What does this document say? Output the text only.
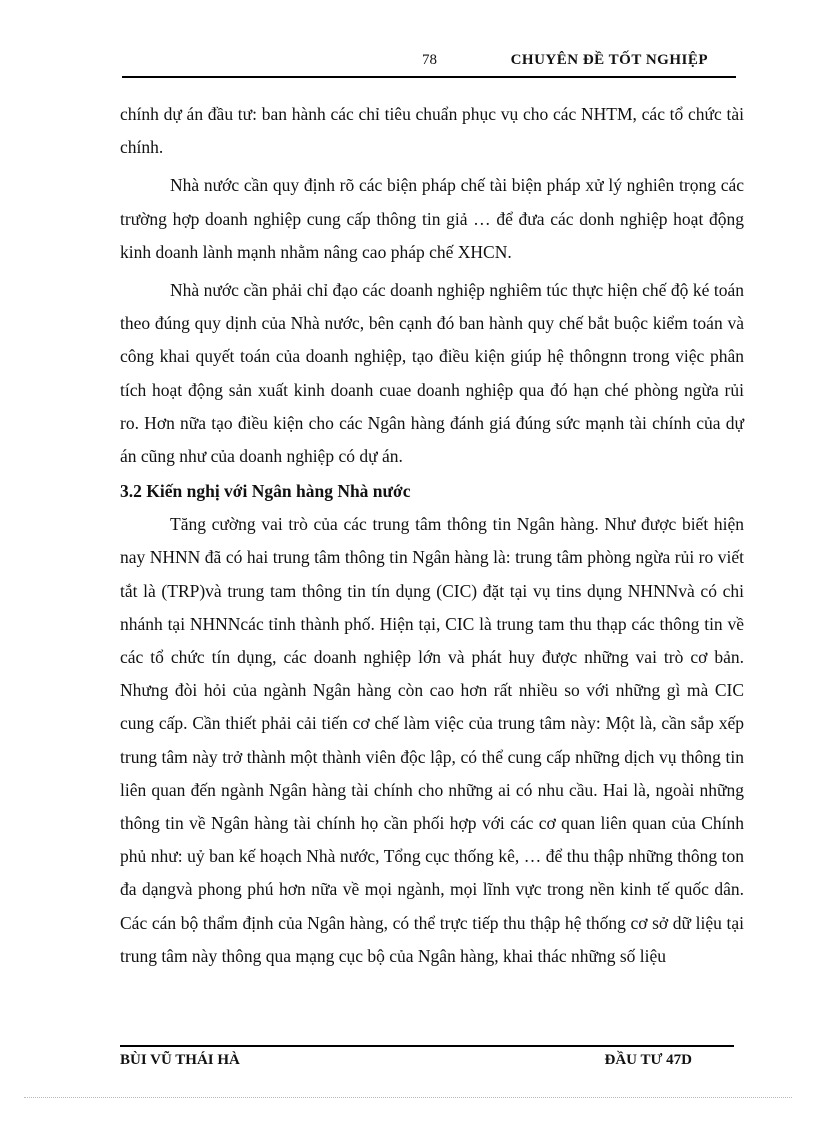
78	CHUYÊN ĐỀ TỐT NGHIỆP

chính dự án đầu tư: ban hành các chỉ tiêu chuẩn phục vụ cho các NHTM, các tổ chức tài chính.

Nhà nước cần quy định rõ các biện pháp chế tài biện pháp xử lý nghiên trọng các trường hợp doanh nghiệp cung cấp thông tin giả … để đưa các donh nghiệp hoạt động kinh doanh lành mạnh nhằm nâng cao pháp chế XHCN.

Nhà nước cần phải chỉ đạo các doanh nghiệp nghiêm túc thực hiện chế độ ké toán theo đúng quy dịnh của Nhà nước, bên cạnh đó ban hành quy chế bắt buộc kiểm toán và công khai quyết toán của doanh nghiệp, tạo điều kiện giúp hệ thôngnn trong việc phân tích hoạt động sản xuất kinh doanh cuae doanh nghiệp qua đó hạn ché phòng ngừa rủi ro. Hơn nữa tạo điều kiện cho các Ngân hàng đánh giá đúng sức mạnh tài chính của dự án cũng như của doanh nghiệp có dự án.

3.2 Kiến nghị với Ngân hàng Nhà nước

Tăng cường vai trò của các trung tâm thông tin Ngân hàng. Như được biết hiện nay NHNN đã có hai trung tâm thông tin Ngân hàng là: trung tâm phòng ngừa rủi ro viết tắt là (TRP)và trung tam thông tin tín dụng (CIC) đặt tại vụ tins dụng NHNNvà có chi nhánh tại NHNNcác tỉnh thành phố. Hiện tại, CIC là trung tam thu thạp các thông tin về các tổ chức tín dụng, các doanh nghiệp lớn và phát huy được những vai trò cơ bản. Nhưng đòi hỏi của ngành Ngân hàng còn cao hơn rất nhiều so với những gì mà CIC cung cấp. Cần thiết phải cải tiến cơ chế làm việc của trung tâm này: Một là, cần sắp xếp trung tâm này trở thành một thành viên độc lập, có thể cung cấp những dịch vụ thông tin liên quan đến ngành Ngân hàng tài chính cho những ai có nhu cầu. Hai là, ngoài những thông tin về Ngân hàng tài chính họ cần phối hợp với các cơ quan liên quan của Chính phủ như: uỷ ban kế hoạch Nhà nước, Tổng cục thống kê, … để thu thập những thông ton đa dạngvà phong phú hơn nữa về mọi ngành, mọi lĩnh vực trong nền kinh tế quốc dân. Các cán bộ thẩm định của Ngân hàng, có thể trực tiếp thu thập hệ thống cơ sở dữ liệu tại trung tâm này thông qua mạng cục bộ của Ngân hàng, khai thác những số liệu

BÙI VŨ THÁI HÀ	ĐẦU TƯ 47D
